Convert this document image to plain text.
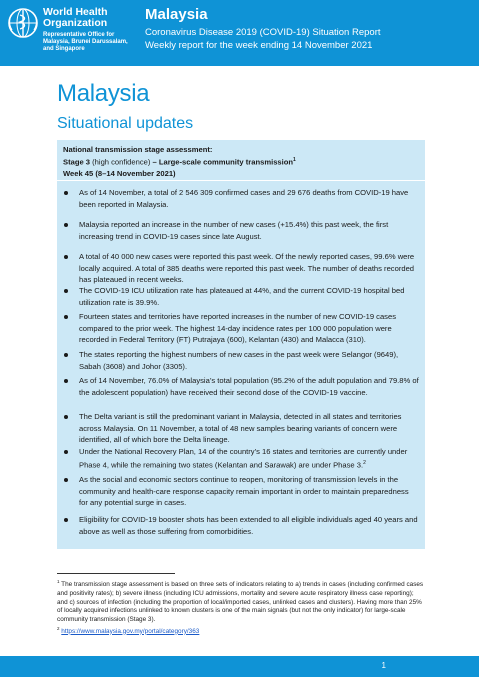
World Health Organization
Representative Office for Malaysia, Brunei Darussalam, and Singapore
Malaysia
Coronavirus Disease 2019 (COVID-19) Situation Report
Weekly report for the week ending 14 November 2021
Malaysia
Situational updates
National transmission stage assessment:
Stage 3 (high confidence) – Large-scale community transmission$^1$
Week 45 (8–14 November 2021)
As of 14 November, a total of 2 546 309 confirmed cases and 29 676 deaths from COVID-19 have been reported in Malaysia.
Malaysia reported an increase in the number of new cases (+15.4%) this past week, the first increasing trend in COVID-19 cases since late August.
A total of 40 000 new cases were reported this past week. Of the newly reported cases, 99.6% were locally acquired. A total of 385 deaths were reported this past week. The number of deaths recorded has plateaued in recent weeks.
The COVID-19 ICU utilization rate has plateaued at 44%, and the current COVID-19 hospital bed utilization rate is 39.9%.
Fourteen states and territories have reported increases in the number of new COVID-19 cases compared to the prior week. The highest 14-day incidence rates per 100 000 population were recorded in Federal Territory (FT) Putrajaya (600), Kelantan (430) and Malacca (310).
The states reporting the highest numbers of new cases in the past week were Selangor (9649), Sabah (3608) and Johor (3305).
As of 14 November, 76.0% of Malaysia’s total population (95.2% of the adult population and 79.8% of the adolescent population) have received their second dose of the COVID-19 vaccine.
The Delta variant is still the predominant variant in Malaysia, detected in all states and territories across Malaysia. On 11 November, a total of 48 new samples bearing variants of concern were identified, all of which bore the Delta lineage.
Under the National Recovery Plan, 14 of the country’s 16 states and territories are currently under Phase 4, while the remaining two states (Kelantan and Sarawak) are under Phase 3.$^2$
As the social and economic sectors continue to reopen, monitoring of transmission levels in the community and health-care response capacity remain important in order to maintain preparedness for any potential surge in cases.
Eligibility for COVID-19 booster shots has been extended to all eligible individuals aged 40 years and above as well as those suffering from comorbidities.
$^1$ The transmission stage assessment is based on three sets of indicators relating to a) trends in cases (including confirmed cases and positivity rates); b) severe illness (including ICU admissions, mortality and severe acute respiratory illness case reporting); and c) sources of infection (including the proportion of local/imported cases, unlinked cases and clusters). Having more than 25% of locally acquired infections unlinked to known clusters is one of the main signals (but not the only indicator) for large-scale community transmission (Stage 3).
$^2$ https://www.malaysia.gov.my/portal/category/363
1
